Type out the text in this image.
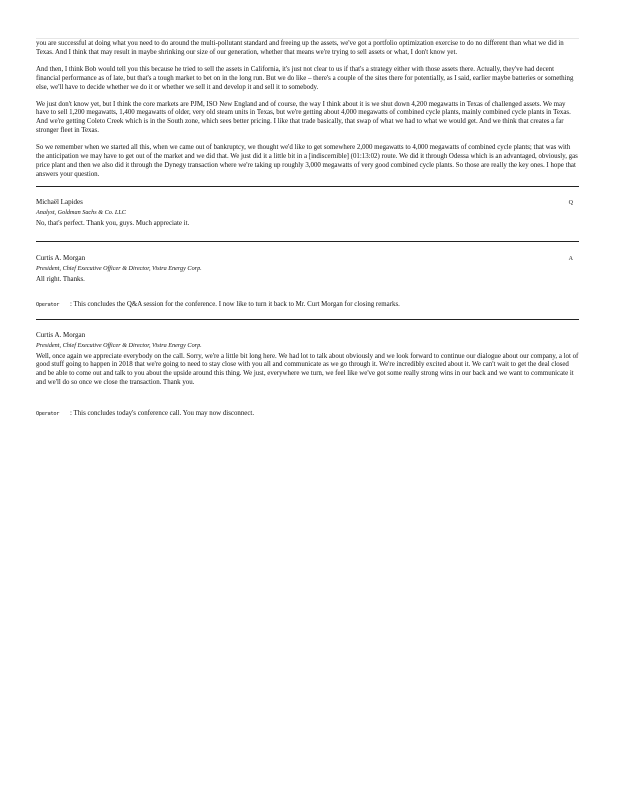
you are successful at doing what you need to do around the multi-pollutant standard and freeing up the assets, we've got a portfolio optimization exercise to do no different than what we did in Texas. And I think that may result in maybe shrinking our size of our generation, whether that means we're trying to sell assets or what, I don't know yet.

And then, I think Bob would tell you this because he tried to sell the assets in California, it's just not clear to us if that's a strategy either with those assets there. Actually, they've had decent financial performance as of late, but that's a tough market to bet on in the long run. But we do like – there's a couple of the sites there for potentially, as I said, earlier maybe batteries or something else, we'll have to decide whether we do it or whether we sell it and develop it and sell it to somebody.

We just don't know yet, but I think the core markets are PJM, ISO New England and of course, the way I think about it is we shut down 4,200 megawatts in Texas of challenged assets. We may have to sell 1,200 megawatts, 1,400 megawatts of older, very old steam units in Texas, but we're getting about 4,000 megawatts of combined cycle plants, mainly combined cycle plants in Texas. And we're getting Coleto Creek which is in the South zone, which sees better pricing. I like that trade basically, that swap of what we had to what we would get. And we think that creates a far stronger fleet in Texas.

So we remember when we started all this, when we came out of bankruptcy, we thought we'd like to get somewhere 2,000 megawatts to 4,000 megawatts of combined cycle plants; that was with the anticipation we may have to get out of the market and we did that. We just did it a little bit in a [indiscernible] (01:13:02) route. We did it through Odessa which is an advantaged, obviously, gas price plant and then we also did it through the Dynegy transaction where we're taking up roughly 3,000 megawatts of very good combined cycle plants. So those are really the key ones. I hope that answers your question.

Michaël Lapides	Q

Analyst, Goldman Sachs & Co. LLC

No, that's perfect. Thank you, guys. Much appreciate it.

Curtis A. Morgan	A

President, Chief Executive Officer & Director, Vistra Energy Corp.

All right. Thanks.

Operator : This concludes the Q&A session for the conference. I now like to turn it back to Mr. Curt Morgan for closing remarks.

Curtis A. Morgan

President, Chief Executive Officer & Director, Vistra Energy Corp.

Well, once again we appreciate everybody on the call. Sorry, we're a little bit long here. We had lot to talk about obviously and we look forward to continue our dialogue about our company, a lot of good stuff going to happen in 2018 that we're going to need to stay close with you all and communicate as we go through it. We're incredibly excited about it. We can't wait to get the deal closed and be able to come out and talk to you about the upside around this thing. We just, everywhere we turn, we feel like we've got some really strong wins in our back and we want to communicate it and we'll do so once we close the transaction. Thank you.

Operator : This concludes today's conference call. You may now disconnect.
